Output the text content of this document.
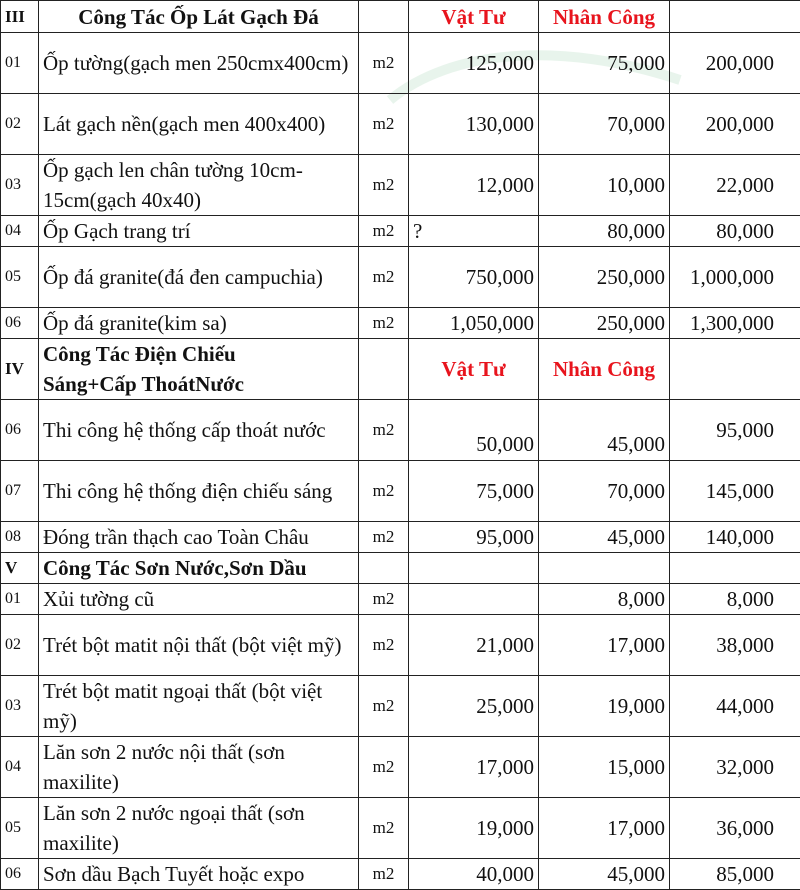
III	Công Tác Ốp Lát Gạch Đá		Vật Tư	Nhân Công	
01	Ốp tường(gạch men 250cmx400cm)	m2	125,000	75,000	200,000
02	Lát gạch nền(gạch men 400x400)	m2	130,000	70,000	200,000
03	Ốp gạch len chân tường 10cm-15cm(gạch 40x40)	m2	12,000	10,000	22,000
04	Ốp Gạch trang trí	m2	?	80,000	80,000
05	Ốp đá granite(đá đen campuchia)	m2	750,000	250,000	1,000,000
06	Ốp đá granite(kim sa)	m2	1,050,000	250,000	1,300,000
IV	Công Tác Điện Chiếu Sáng+Cấp ThoátNước		Vật Tư	Nhân Công	
06	Thi công hệ thống cấp thoát nước	m2	50,000	45,000	95,000
07	Thi công hệ thống điện chiếu sáng	m2	75,000	70,000	145,000
08	Đóng trần thạch cao Toàn Châu	m2	95,000	45,000	140,000
V	Công Tác Sơn Nước,Sơn Dầu				
01	Xủi tường cũ	m2		8,000	8,000
02	Trét bột matit nội thất (bột việt mỹ)	m2	21,000	17,000	38,000
03	Trét bột matit ngoại thất (bột việt mỹ)	m2	25,000	19,000	44,000
04	Lăn sơn 2 nước nội thất (sơn maxilite)	m2	17,000	15,000	32,000
05	Lăn sơn 2 nước ngoại thất (sơn maxilite)	m2	19,000	17,000	36,000
06	Sơn dầu Bạch Tuyết hoặc expo	m2	40,000	45,000	85,000
